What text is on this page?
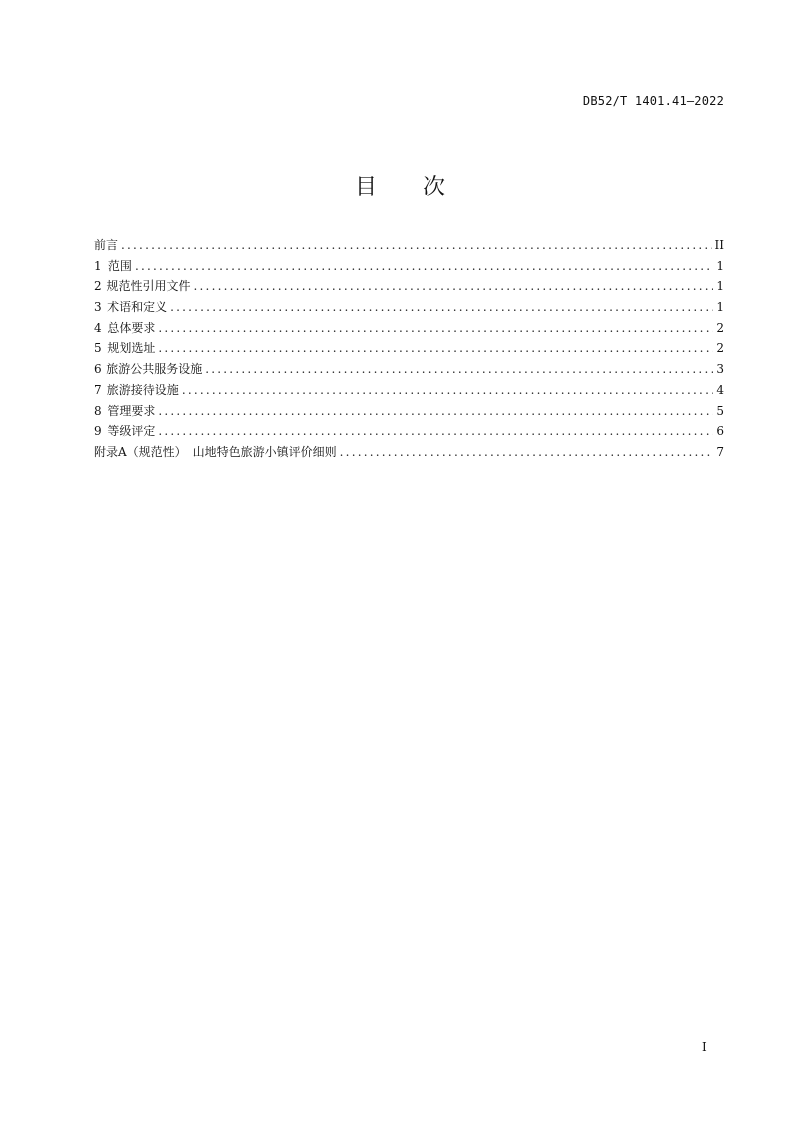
DB52/T 1401.41—2022
目 次
前言 .....	II
1 范围 .....	1
2 规范性引用文件 .....	1
3 术语和定义 .....	1
4 总体要求 .....	2
5 规划选址 .....	2
6 旅游公共服务设施 .....	3
7 旅游接待设施 .....	4
8 管理要求 .....	5
9 等级评定 .....	6
附录A（规范性）　山地特色旅游小镇评价细则 .....	7
I
